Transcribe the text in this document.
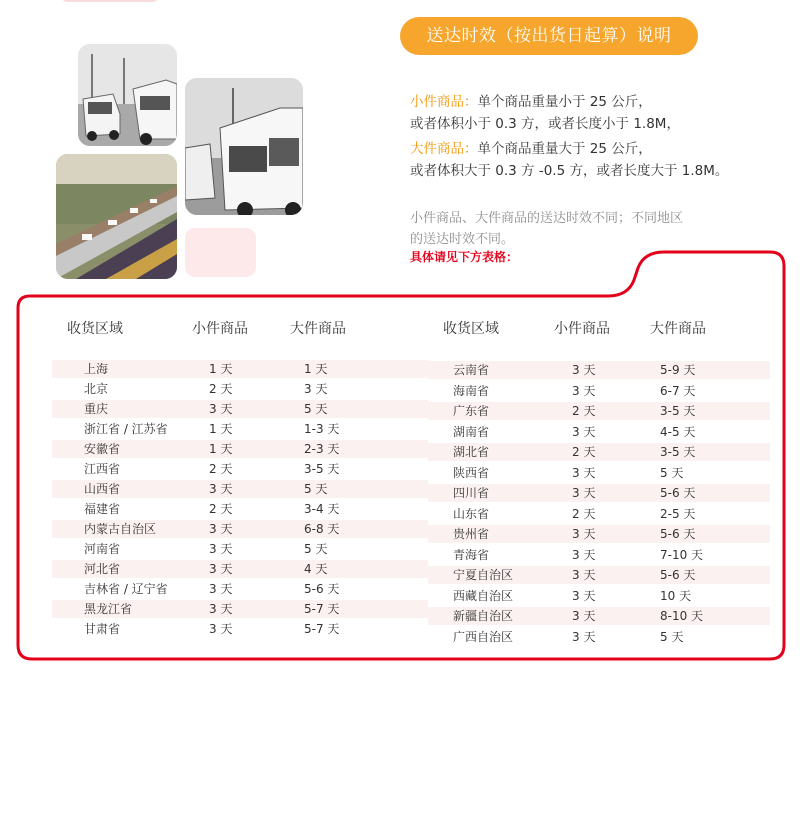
送达时效（按出货日起算）说明
小件商品：单个商品重量小于 25 公斤，
或者体积小于 0.3 方，或者长度小于 1.8M，
大件商品：单个商品重量大于 25 公斤，
或者体积大于 0.3 方 -0.5 方，或者长度大于 1.8M。
小件商品、大件商品的送达时效不同；不同地区
的送达时效不同。
具体请见下方表格：
收货区域	小件商品	大件商品	收货区域	小件商品	大件商品
上海	1 天	1 天
北京	2 天	3 天
重庆	3 天	5 天
浙江省 / 江苏省	1 天	1-3 天
安徽省	1 天	2-3 天
江西省	2 天	3-5 天
山西省	3 天	5 天
福建省	2 天	3-4 天
内蒙古自治区	3 天	6-8 天
河南省	3 天	5 天
河北省	3 天	4 天
吉林省 / 辽宁省	3 天	5-6 天
黑龙江省	3 天	5-7 天
甘肃省	3 天	5-7 天
云南省	3 天	5-9 天
海南省	3 天	6-7 天
广东省	2 天	3-5 天
湖南省	3 天	4-5 天
湖北省	2 天	3-5 天
陕西省	3 天	5 天
四川省	3 天	5-6 天
山东省	2 天	2-5 天
贵州省	3 天	5-6 天
青海省	3 天	7-10 天
宁夏自治区	3 天	5-6 天
西藏自治区	3 天	10 天
新疆自治区	3 天	8-10 天
广西自治区	3 天	5 天
